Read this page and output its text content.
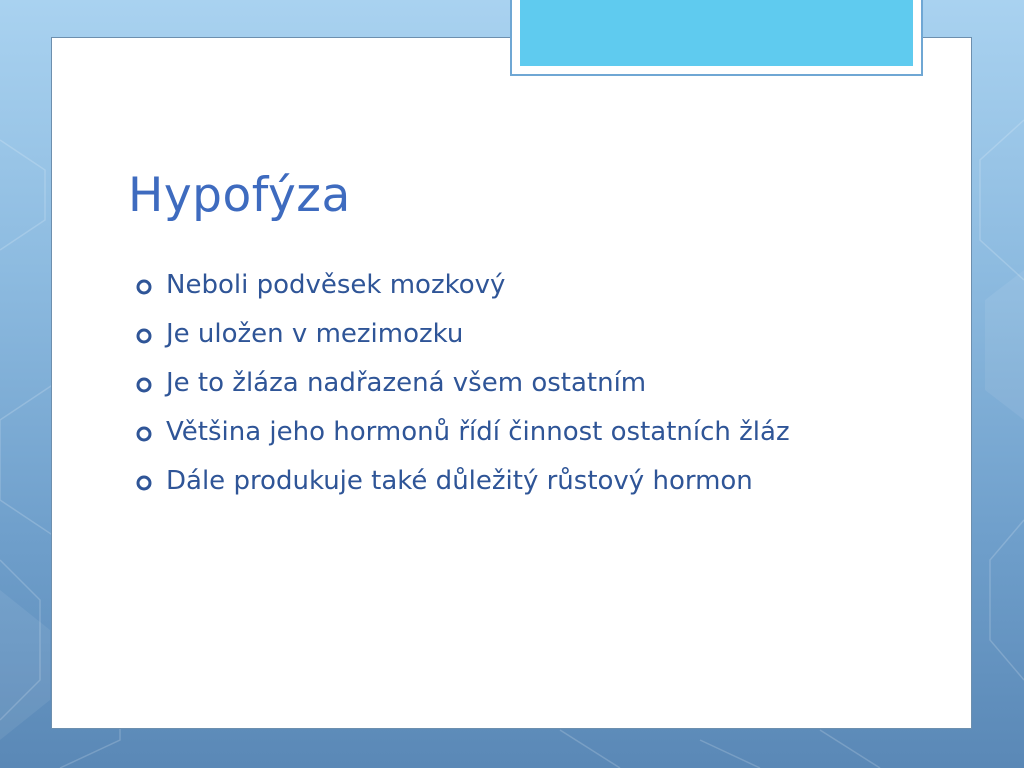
Hypofýza
Neboli podvěsek mozkový
Je uložen v mezimozku
Je to žláza nadřazená všem ostatním
Většina jeho hormonů řídí činnost ostatních žláz
Dále produkuje také důležitý růstový hormon
